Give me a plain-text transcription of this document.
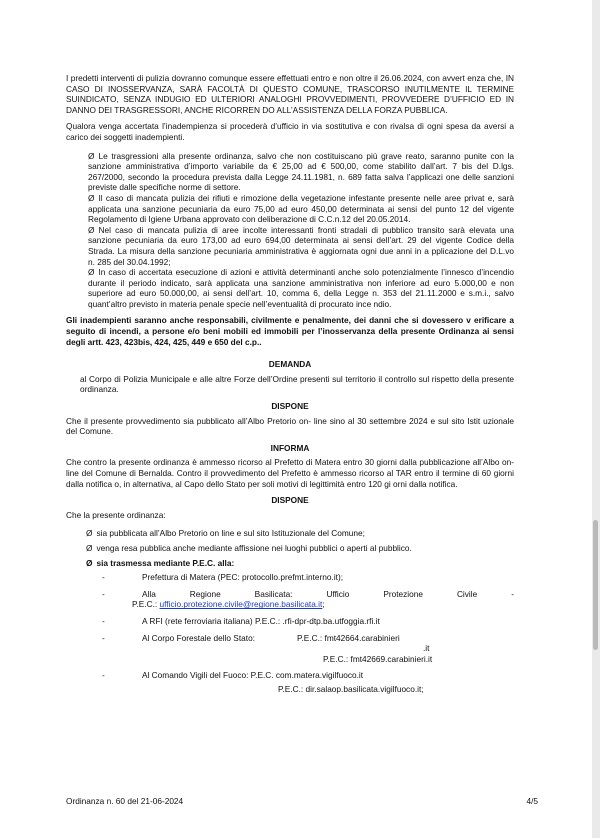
I predetti interventi di pulizia dovranno comunque essere effettuati entro e non oltre il 26.06.2024, con avvert enza che, IN CASO DI INOSSERVANZA, SARÀ FACOLTÀ DI QUESTO COMUNE, TRASCORSO INUTILMENTE IL TERMINE SUINDICATO, SENZA INDUGIO ED ULTERIORI ANALOGHI PROVVEDIMENTI, PROVVEDERE D’UFFICIO ED IN DANNO DEI TRASGRESSORI, ANCHE RICORREN DO ALL’ASSISTENZA DELLA FORZA PUBBLICA.

Qualora venga accertata l’inadempienza si procederà d’ufficio in via sostitutiva e con rivalsa di ogni spesa da aversi a carico dei soggetti inadempienti.

Ø Le trasgressioni alla presente ordinanza, salvo che non costituiscano più grave reato, saranno punite con la sanzione amministrativa d’importo variabile da € 25,00 ad € 500,00, come stabilito dall’art. 7 bis del D.lgs. 267/2000, secondo la procedura prevista dalla Legge 24.11.1981, n. 689 fatta salva l’applicazi one delle sanzioni previste dalle specifiche norme di settore.

Ø Il caso di mancata pulizia dei rifiuti e rimozione della vegetazione infestante presente nelle aree privat e, sarà applicata una sanzione pecuniaria da euro 75,00 ad euro 450,00 determinata ai sensi del punto 12 del vigente Regolamento di Igiene Urbana approvato con deliberazione di C.C.n.12 del 20.05.2014.

Ø Nel caso di mancata pulizia di aree incolte interessanti fronti stradali di pubblico transito sarà elevata una sanzione pecuniaria da euro 173,00 ad euro 694,00 determinata ai sensi dell’art. 29 del vigente Codice della Strada. La misura della sanzione pecuniaria amministrativa è aggiornata ogni due anni in a pplicazione del D.L.vo n. 285 del 30.04.1992;

Ø In caso di accertata esecuzione di azioni e attività determinanti anche solo potenzialmente l’innesco d’incendio durante il periodo indicato, sarà applicata una sanzione amministrativa non inferiore ad euro 5.000,00 e non superiore ad euro 50.000,00, ai sensi dell’art. 10, comma 6, della Legge n. 353 del 21.11.2000 e s.m.i., salvo quant’altro previsto in materia penale specie nell’eventualità di procurato ince ndio.

Gli inadempienti saranno anche responsabili, civilmente e penalmente, dei danni che si dovessero v erificare a seguito di incendi, a persone e/o beni mobili ed immobili per l’inosservanza della presente Ordinanza ai sensi degli artt. 423, 423bis, 424, 425, 449 e 650 del c.p..

DEMANDA

al Corpo di Polizia Municipale e alle altre Forze dell’Ordine presenti sul territorio il controllo sul rispetto della presente ordinanza.

DISPONE

Che il presente provvedimento sia pubblicato all’Albo Pretorio on- line sino al 30 settembre 2024 e sul sito Istit uzionale del Comune.

INFORMA

Che contro la presente ordinanza è ammesso ricorso al Prefetto di Matera entro 30 giorni dalla pubblicazione all’Albo on-line del Comune di Bernalda. Contro il provvedimento del Prefetto è ammesso ricorso al TAR entro il termine di 60 giorni dalla notifica o, in alternativa, al Capo dello Stato per soli motivi di legittimità entro 120 gi orni dalla notifica.

DISPONE

Che la presente ordinanza:

Ø sia pubblicata all’Albo Pretorio on line e sul sito Istituzionale del Comune;

Ø venga resa pubblica anche mediante affissione nei luoghi pubblici o aperti al pubblico.

Ø sia trasmessa mediante P.E.C. alla:

-	Prefettura di Matera (PEC: protocollo.prefmt.interno.it);
-	Alla	Regione	Basilicata:	Ufficio	Protezione	Civile	-
P.E.C.: ufficio.protezione.civile@regione.basilicata.it;
-	A RFI (rete ferroviaria italiana) P.E.C.: .rfi-dpr-dtp.ba.utfoggia.rfi.it
-	Al Corpo Forestale dello Stato:	P.E.C.: fmt42664.carabinieri
.it
P.E.C.: fmt42669.carabinieri.it
-	Al Comando Vigili del Fuoco: P.E.C. com.matera.vigilfuoco.it
P.E.C.: dir.salaop.basilicata.vigilfuoco.it;
Ordinanza n. 60 del 21-06-2024	4/5
